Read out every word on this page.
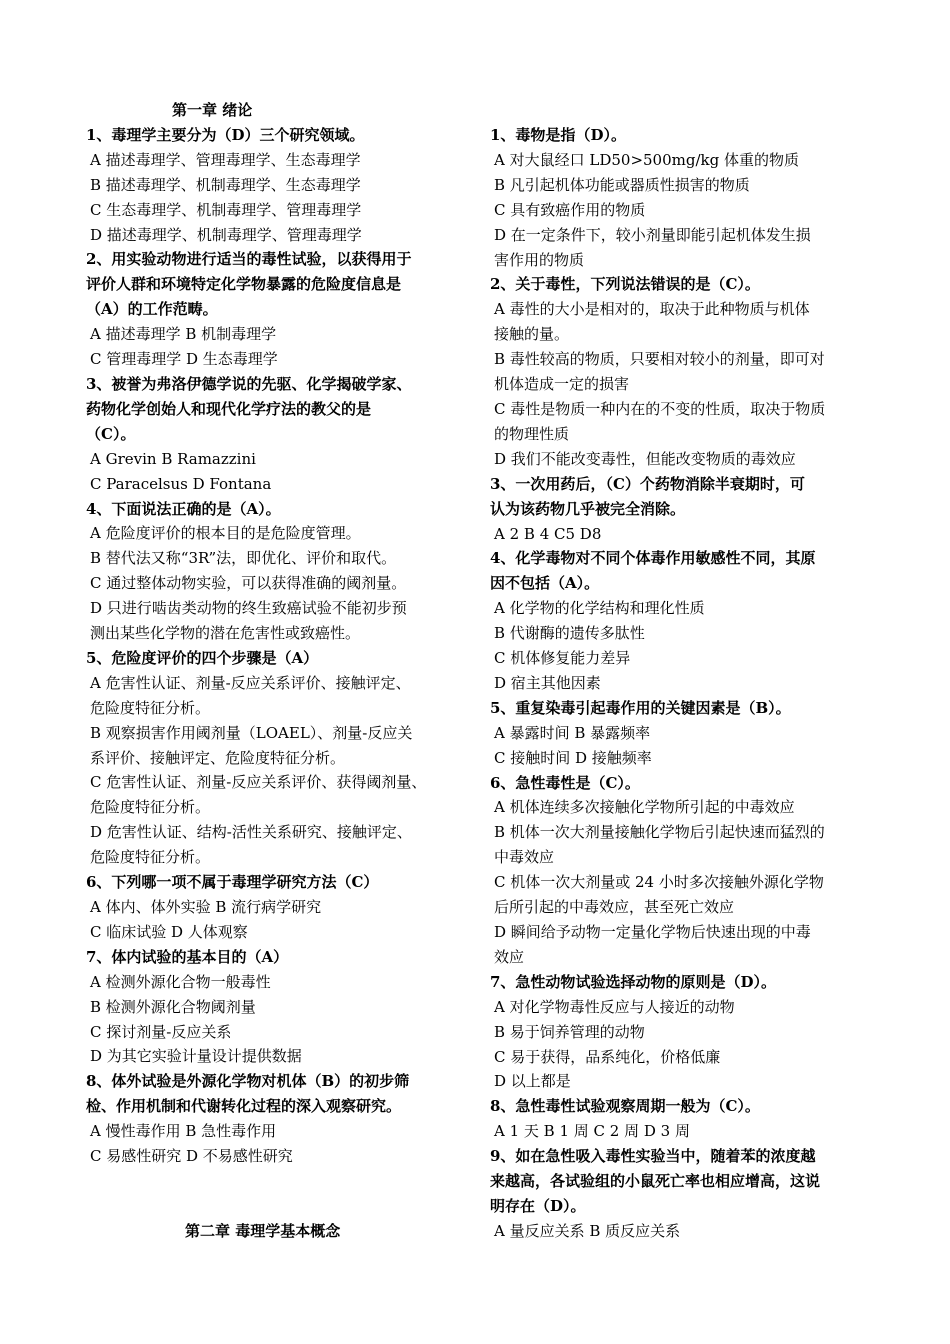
第一章 绪论
1、毒理学主要分为（D）三个研究领域。
A 描述毒理学、管理毒理学、生态毒理学
B 描述毒理学、机制毒理学、生态毒理学
C 生态毒理学、机制毒理学、管理毒理学
D 描述毒理学、机制毒理学、管理毒理学
2、用实验动物进行适当的毒性试验，以获得用于
评价人群和环境特定化学物暴露的危险度信息是
（A）的工作范畴。
A 描述毒理学 B 机制毒理学
C 管理毒理学 D 生态毒理学
3、被誉为弗洛伊德学说的先驱、化学揭破学家、
药物化学创始人和现代化学疗法的教父的是
（C）。
A Grevin B Ramazzini
C Paracelsus D Fontana
4、下面说法正确的是（A）。
A 危险度评价的根本目的是危险度管理。
B 替代法又称“3R”法，即优化、评价和取代。
C 通过整体动物实验，可以获得准确的阈剂量。
D 只进行啮齿类动物的终生致癌试验不能初步预
测出某些化学物的潜在危害性或致癌性。
5、危险度评价的四个步骤是（A）
A 危害性认证、剂量-反应关系评价、接触评定、
危险度特征分析。
B 观察损害作用阈剂量（LOAEL）、剂量-反应关
系评价、接触评定、危险度特征分析。
C 危害性认证、剂量-反应关系评价、获得阈剂量、
危险度特征分析。
D 危害性认证、结构-活性关系研究、接触评定、
危险度特征分析。
6、下列哪一项不属于毒理学研究方法（C）
A 体内、体外实验 B 流行病学研究
C 临床试验 D 人体观察
7、体内试验的基本目的（A）
A 检测外源化合物一般毒性
B 检测外源化合物阈剂量
C 探讨剂量-反应关系
D 为其它实验计量设计提供数据
8、体外试验是外源化学物对机体（B）的初步筛
检、作用机制和代谢转化过程的深入观察研究。
A 慢性毒作用 B 急性毒作用
C 易感性研究 D 不易感性研究
第二章 毒理学基本概念
1、毒物是指（D）。
A 对大鼠经口 LD50>500mg/kg 体重的物质
B 凡引起机体功能或器质性损害的物质
C 具有致癌作用的物质
D 在一定条件下，较小剂量即能引起机体发生损
害作用的物质
2、关于毒性，下列说法错误的是（C）。
A 毒性的大小是相对的，取决于此种物质与机体
接触的量。
B 毒性较高的物质，只要相对较小的剂量，即可对
机体造成一定的损害
C 毒性是物质一种内在的不变的性质，取决于物质
的物理性质
D 我们不能改变毒性，但能改变物质的毒效应
3、一次用药后，（C）个药物消除半衰期时，可
认为该药物几乎被完全消除。
A 2 B 4 C5 D8
4、化学毒物对不同个体毒作用敏感性不同，其原
因不包括（A）。
A 化学物的化学结构和理化性质
B 代谢酶的遗传多肽性
C 机体修复能力差异
D 宿主其他因素
5、重复染毒引起毒作用的关键因素是（B）。
A 暴露时间 B 暴露频率
C 接触时间 D 接触频率
6、急性毒性是（C）。
A 机体连续多次接触化学物所引起的中毒效应
B 机体一次大剂量接触化学物后引起快速而猛烈的
中毒效应
C 机体一次大剂量或 24 小时多次接触外源化学物
后所引起的中毒效应，甚至死亡效应
D 瞬间给予动物一定量化学物后快速出现的中毒
效应
7、急性动物试验选择动物的原则是（D）。
A 对化学物毒性反应与人接近的动物
B 易于饲养管理的动物
C 易于获得，品系纯化，价格低廉
D 以上都是
8、急性毒性试验观察周期一般为（C）。
A 1 天 B 1 周 C 2 周 D 3 周
9、如在急性吸入毒性实验当中，随着苯的浓度越
来越高，各试验组的小鼠死亡率也相应增高，这说
明存在（D）。
A 量反应关系 B 质反应关系
